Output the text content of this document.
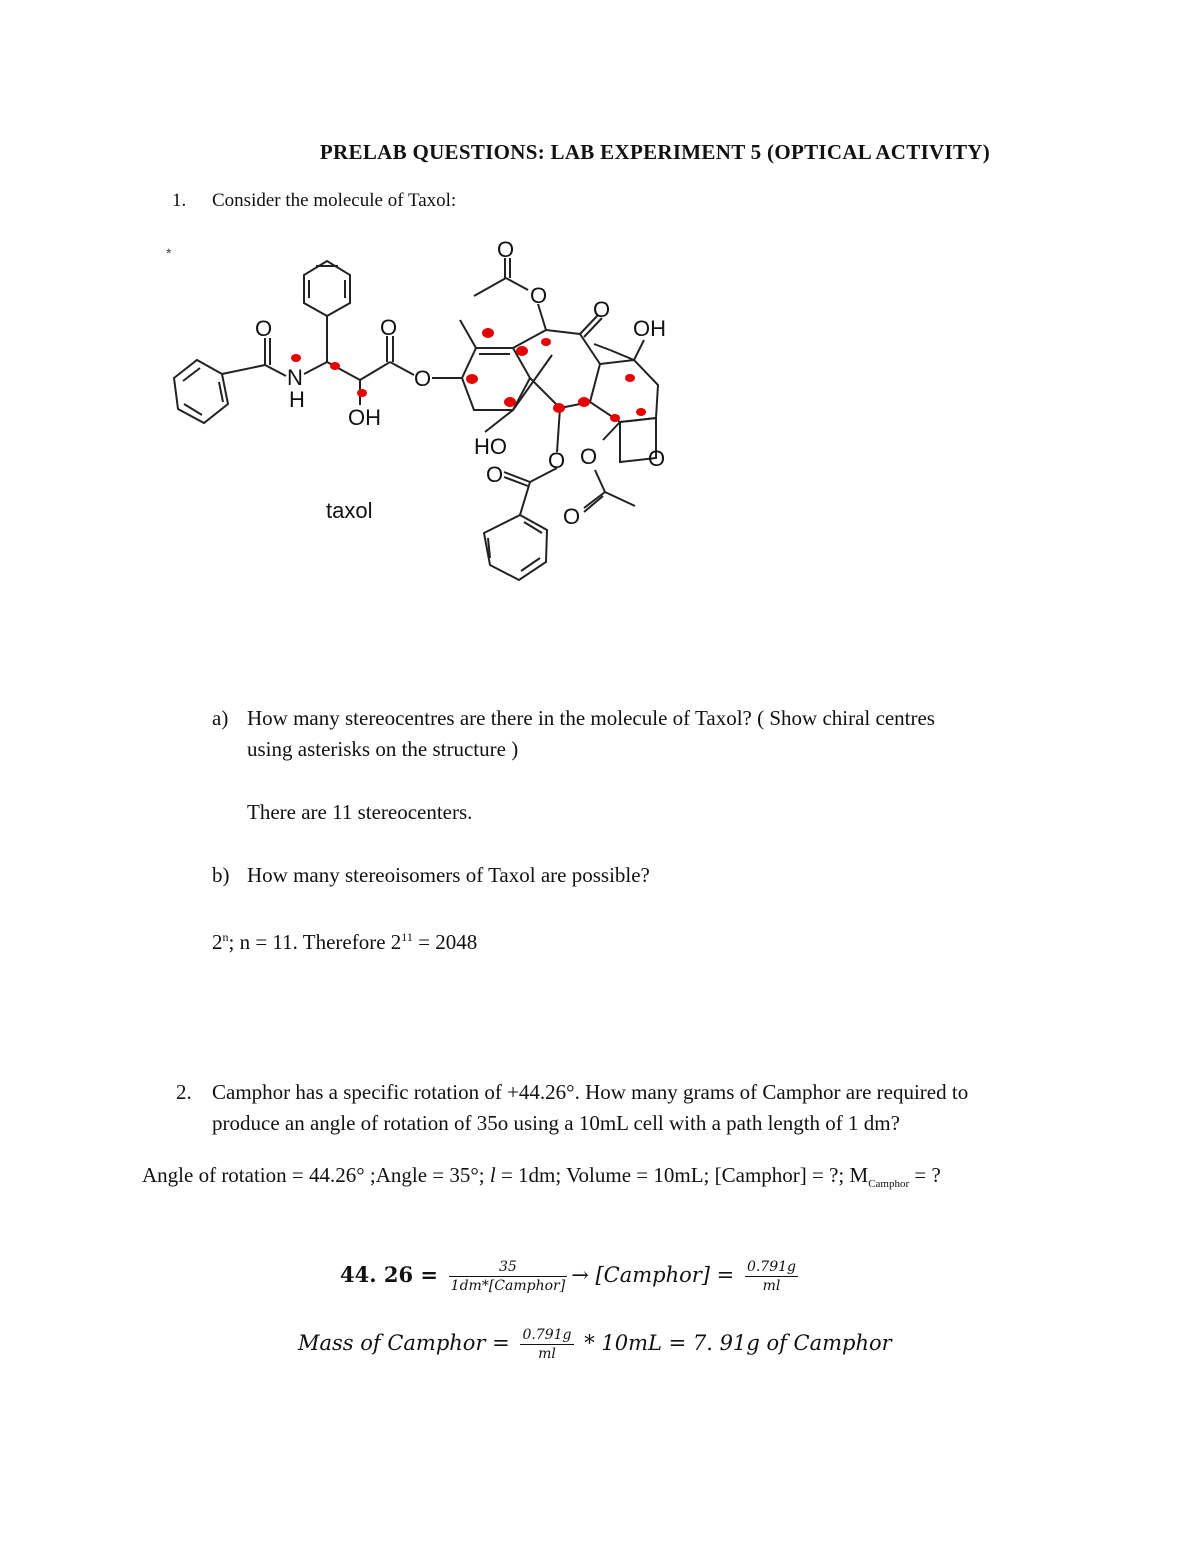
PRELAB QUESTIONS: LAB EXPERIMENT 5 (OPTICAL ACTIVITY)
1. Consider the molecule of Taxol:
O
N
H
O
OH
O
O
O
O
OH
HO
O O O
O
O
taxol
*
a) How many stereocentres are there in the molecule of Taxol? ( Show chiral centres
using asterisks on the structure )
There are 11 stereocenters.
b) How many stereoisomers of Taxol are possible?
2$^n$; n = 11. Therefore $2^{11} = 2048$
2. Camphor has a specific rotation of +44.26°. How many grams of Camphor are required to
produce an angle of rotation of 35o using a 10mL cell with a path length of 1 dm?
Angle of rotation = 44.26° ;Angle = 35°; l = 1dm; Volume = 10mL; [Camphor] = ?; $M_{Camphor}$ = ?
44. $26 = \frac{35}{\text{1dm*[Camphor]}}$ → [Camphor] = $\frac{0.791g}{ml}$
Mass of Camphor = $\frac{0.791g}{ml} * 10mL = 7$. 91g of Camphor
